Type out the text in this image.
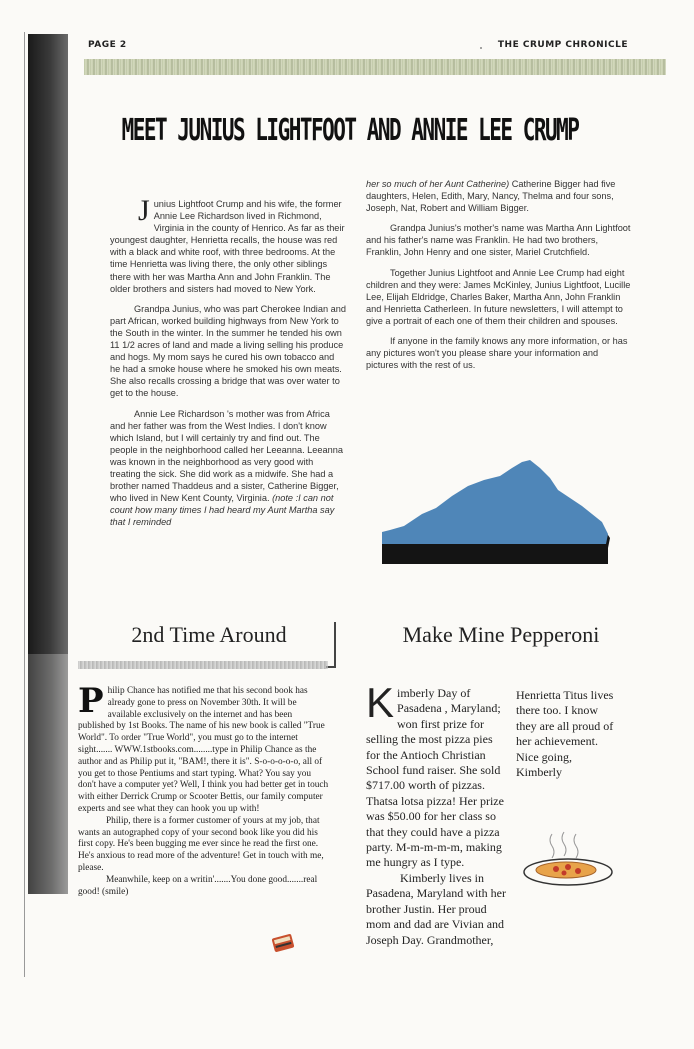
PAGE 2	THE CRUMP CHRONICLE
MEET JUNIUS LIGHTFOOT AND ANNIE LEE CRUMP

Junius Lightfoot Crump and his wife, the former Annie Lee Richardson lived in Richmond, Virginia in the county of Henrico. As far as their youngest daughter, Henrietta recalls, the house was red with a black and white roof, with three bedrooms. At the time Henrietta was living there, the only other siblings there with her was Martha Ann and John Franklin. The older brothers and sisters had moved to New York.

Grandpa Junius, who was part Cherokee Indian and part African, worked building highways from New York to the South in the winter. In the summer he tended his own 11 1/2 acres of land and made a living selling his produce and hogs. My mom says he cured his own tobacco and he had a smoke house where he smoked his own meats. She also recalls crossing a bridge that was over water to get to the house.

Annie Lee Richardson 's mother was from Africa and her father was from the West Indies. I don't know which Island, but I will certainly try and find out. The people in the neighborhood called her Leeanna. Leeanna was known in the neighborhood as very good with treating the sick. She did work as a midwife. She had a brother named Thaddeus and a sister, Catherine Bigger, who lived in New Kent County, Virginia. (note :I can not count how many times I had heard my Aunt Martha say that I reminded

her so much of her Aunt Catherine) Catherine Bigger had five daughters, Helen, Edith, Mary, Nancy, Thelma and four sons, Joseph, Nat, Robert and William Bigger.

Grandpa Junius's mother's name was Martha Ann Lightfoot and his father's name was Franklin. He had two brothers, Franklin, John Henry and one sister, Mariel Crutchfield.

Together Junius Lightfoot and Annie Lee Crump had eight children and they were: James McKinley, Junius Lightfoot, Lucille Lee, Elijah Eldridge, Charles Baker, Martha Ann, John Franklin and Henrietta Catherleen. In future newsletters, I will attempt to give a portrait of each one of them their children and spouses.

If anyone in the family knows any more information, or has any pictures won't you please share your information and pictures with the rest of us.

2nd Time Around	Make Mine Pepperoni

Philip Chance has notified me that his second book has already gone to press on November 30th. It will be available exclusively on the internet and has been published by 1st Books. The name of his new book is called "True World". To order "True World", you must go to the internet sight....... WWW.1stbooks.com........type in Philip Chance as the author and as Philip put it, "BAM!, there it is". S-o-o-o-o-o, all of you get to those Pentiums and start typing. What? You say you don't have a computer yet? Well, I think you had better get in touch with either Derrick Crump or Scooter Bettis, our family computer experts and see what they can hook you up with!

Philip, there is a former customer of yours at my job, that wants an autographed copy of your second book like you did his first copy. He's been bugging me ever since he read the first one. He's anxious to read more of the adventure! Get in touch with me, please.

Meanwhile, keep on a writin'.......You done good.......real good! (smile)

Kimberly Day of Pasadena , Maryland; won first prize for selling the most pizza pies for the Antioch Christian School fund raiser. She sold $717.00 worth of pizzas. Thatsa lotsa pizza! Her prize was $50.00 for her class so that they could have a pizza party. M-m-m-m-m, making me hungry as I type.

Kimberly lives in Pasadena, Maryland with her brother Justin. Her proud mom and dad are Vivian and Joseph Day. Grandmother,

Henrietta Titus lives there too. I know they are all proud of her achievement. Nice going, Kimberly
